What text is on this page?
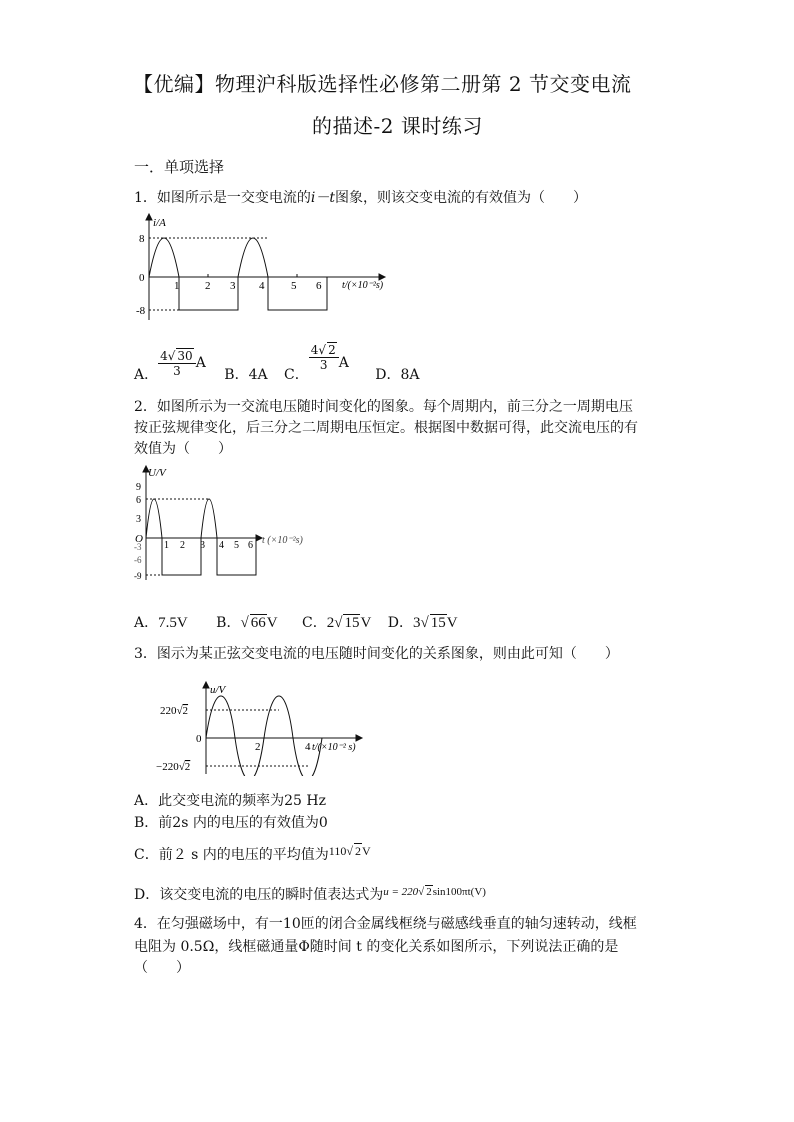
【优编】物理沪科版选择性必修第二册第 2 节交变电流
的描述-2 课时练习
一．单项选择
1．如图所示是一交变电流的i－t图象，则该交变电流的有效值为（　　）
i/A
8
0
-8
1 2 3 4 5 6 t/(×10⁻²s)
A． $\frac{4√ 30}{3}$ A B．4A C．
$\frac{4√ 2}{3}$ A D．8A
2．如图所示为一交流电压随时间变化的图象。每个周期内，前三分之一周期电压
按正弦规律变化，后三分之二周期电压恒定。根据图中数据可得，此交流电压的有
效值为（　　）
U/V
9
6
3
O
-3
-6
-9
1 2 3 4 5 6 t (×10⁻²s)
A．7.5V B．√ 66V C．2√ 15V D．3√ 15V
3．图示为某正弦交变电流的电压随时间变化的关系图象，则由此可知（　　）
u/V
220√2
0
−220√2
2	4 t/(×10⁻² s)
A．此交变电流的频率为25 Hz
B．前2s 内的电压的有效值为0
C．前２ s 内的电压的平均值为110√ 2V
D．该交变电流的电压的瞬时值表达式为$^{u = 220√ 2sin100\pi t(V)}$
4．在匀强磁场中，有一10匝的闭合金属线框绕与磁感线垂直的轴匀速转动，线框
电阻为 0.5Ω，线框磁通量Φ随时间 t 的变化关系如图所示，下列说法正确的是
（　　）
